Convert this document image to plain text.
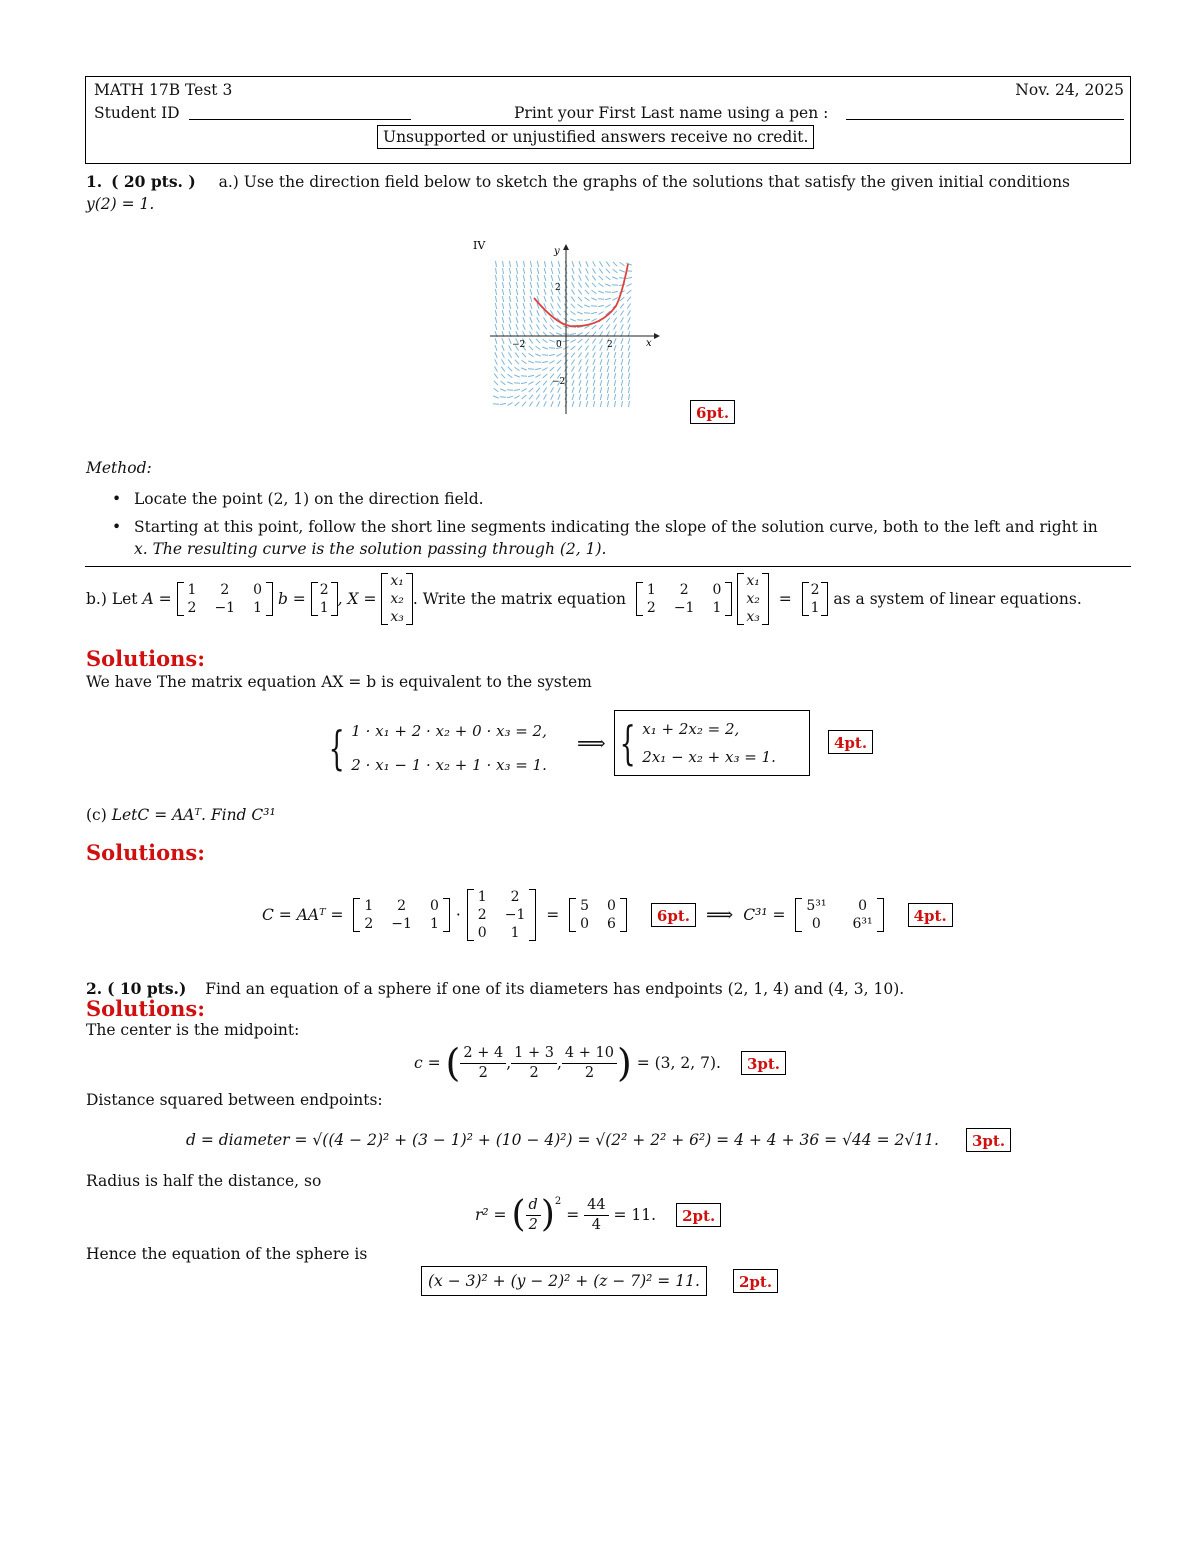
MATH 17B Test 3	Nov. 24, 2025
Student ID	Print your First Last name using a pen :
Unsupported or unjustified answers receive no credit.
1. ( 20 pts. ) a.) Use the direction field below to sketch the graphs of the solutions that satisfy the given initial conditions
y(2) = 1.
IV	y
x
−2	0	2
2
−2
6pt.
Method:
• Locate the point (2, 1) on the direction field.
• Starting at this point, follow the short line segments indicating the slope of the solution curve, both to the left and right in
x. The resulting curve is the solution passing through (2, 1).
b.)
Let
A =
1	2	0
2 −1 1
b =
2
1 , X =

x₁
x₂
x₃
. Write the matrix equation
1	2	0
2 −1 1

x₁
x₂
x₃

=
2
1
as a system of linear equations.
Solutions:
We have The matrix equation AX = b is equivalent to the system
{ 1 · x₁ + 2 · x₂ + 0 · x₃ = 2,
2 · x₁ − 1 · x₂ + 1 · x₃ = 1.
⟹ { x₁ + 2x₂ = 2,
2x₁ − x₂ + x₃ = 1.
4pt.
(c) LetC = AAᵀ. Find C³¹
Solutions:
C = AAᵀ =
1	2	0
2 −1 1 ·
1	2
2 −1
0	1

=
5 0
0 6	6pt. ⟹ C³¹ =
5³¹	0
0	6³¹	4pt.
2. ( 10 pts.) Find an equation of a sphere if one of its diameters has endpoints (2, 1, 4) and (4, 3, 10).
Solutions:
The center is the midpoint:
c =
( $\frac{2 + 4}{2}$ , $\frac{1 + 3}{2}$ , $\frac{4 + 10}{2}$ )
= (3, 2, 7).	3pt.
Distance squared between endpoints:
d = diameter = √((4 − 2)² + (3 − 1)² + (10 − 4)²) = √(2² + 2² + 6²) = 4 + 4 + 36 = √44 = 2√11.	3pt.
Radius is half the distance, so
r² =
( $\frac{d}{2} )^2$

=
$\frac{44}{4}$
= 11.	2pt.
Hence the equation of the sphere is
(x − 3)² + (y − 2)² + (z − 7)² = 11.	2pt.
